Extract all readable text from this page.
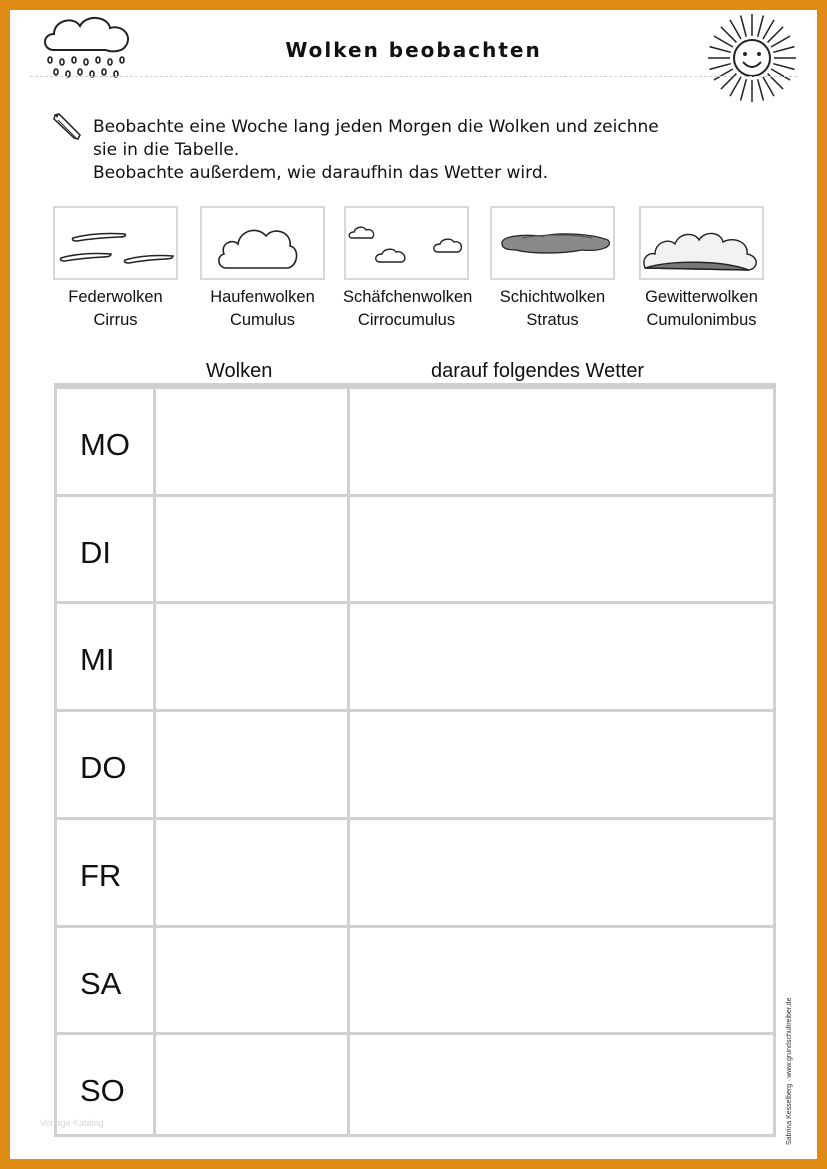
Wolken beobachten
Beobachte eine Woche lang jeden Morgen die Wolken und zeichne
sie in die Tabelle.
Beobachte außerdem, wie daraufhin das Wetter wird.
Federwolken
Cirrus
Haufenwolken
Cumulus
Schäfchenwolken
Cirrocumulus
Schichtwolken
Stratus
Gewitterwolken
Cumulonimbus
Wolken	darauf folgendes Wetter
MO
DI
MI
DO
FR
SA
SO	Sabrina Kesselberg · www.grundschultreiber.de
Vorlage Katalog
